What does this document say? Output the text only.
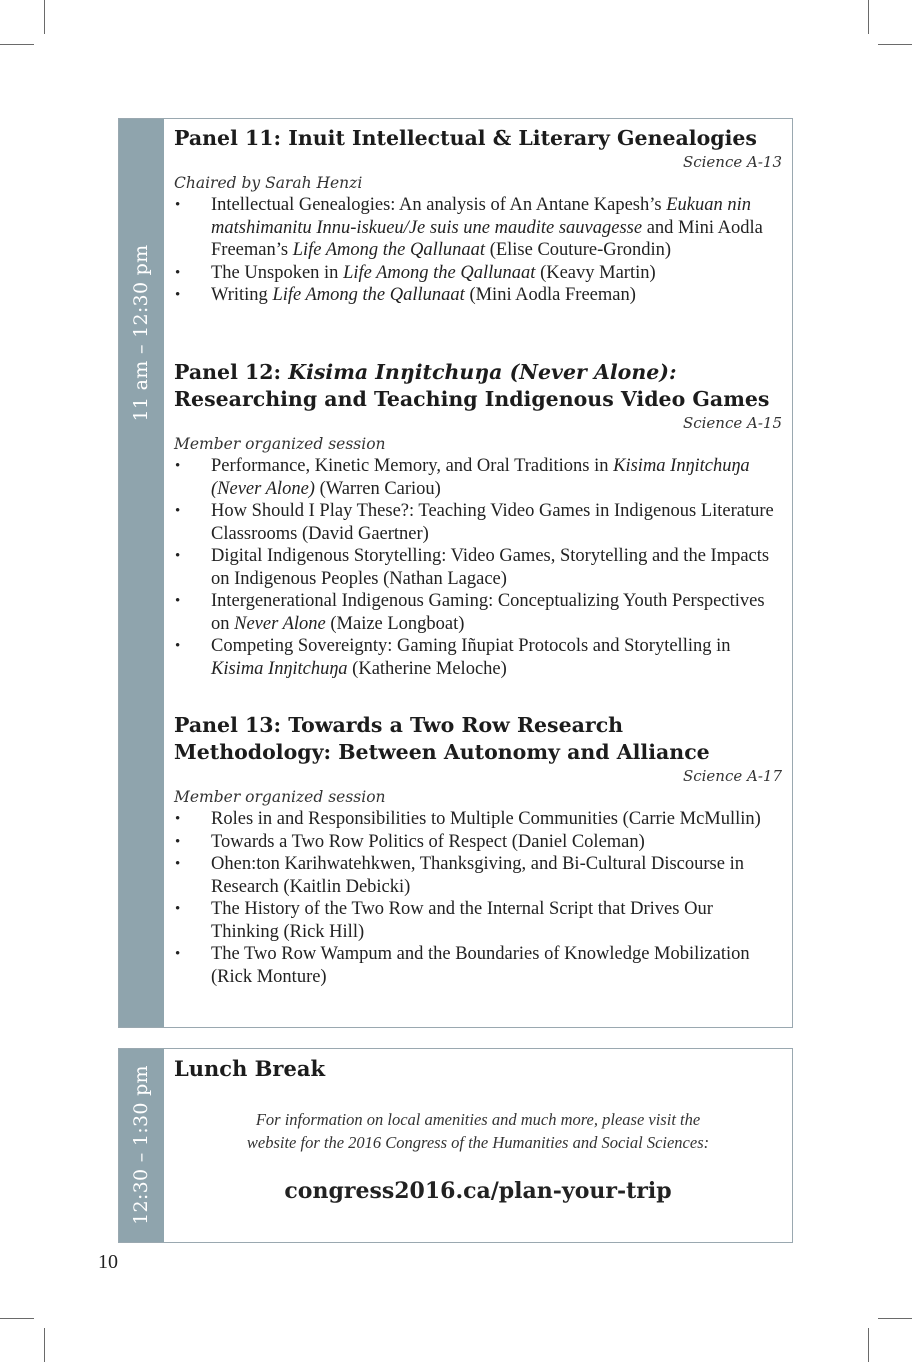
11 am – 12:30 pm
Panel 11: Inuit Intellectual & Literary Genealogies
Science A-13
Chaired by Sarah Henzi
• Intellectual Genealogies: An analysis of An Antane Kapesh’s Eukuan nin matshimanitu Innu-iskueu/Je suis une maudite sauvagesse and Mini Aodla Freeman’s Life Among the Qallunaat (Elise Couture-Grondin)
• The Unspoken in Life Among the Qallunaat (Keavy Martin)
• Writing Life Among the Qallunaat (Mini Aodla Freeman)
Panel 12: Kisima Inŋitchuŋa (Never Alone):
Researching and Teaching Indigenous Video Games
Science A-15
Member organized session
• Performance, Kinetic Memory, and Oral Traditions in Kisima Inŋitchuŋa (Never Alone) (Warren Cariou)
• How Should I Play These?: Teaching Video Games in Indigenous Literature Classrooms (David Gaertner)
• Digital Indigenous Storytelling: Video Games, Storytelling and the Impacts on Indigenous Peoples (Nathan Lagace)
• Intergenerational Indigenous Gaming: Conceptualizing Youth Perspectives on Never Alone (Maize Longboat)
• Competing Sovereignty: Gaming Iñupiat Protocols and Storytelling in Kisima Inŋitchuŋa (Katherine Meloche)
Panel 13: Towards a Two Row Research
Methodology: Between Autonomy and Alliance
Science A-17
Member organized session
• Roles in and Responsibilities to Multiple Communities (Carrie McMullin)
• Towards a Two Row Politics of Respect (Daniel Coleman)
• Ohen:ton Karihwatehkwen, Thanksgiving, and Bi-Cultural Discourse in Research (Kaitlin Debicki)
• The History of the Two Row and the Internal Script that Drives Our Thinking (Rick Hill)
• The Two Row Wampum and the Boundaries of Knowledge Mobilization (Rick Monture)
12:30 – 1:30 pm Lunch Break
For information on local amenities and much more, please visit the
website for the 2016 Congress of the Humanities and Social Sciences:
congress2016.ca/plan-your-trip
10
